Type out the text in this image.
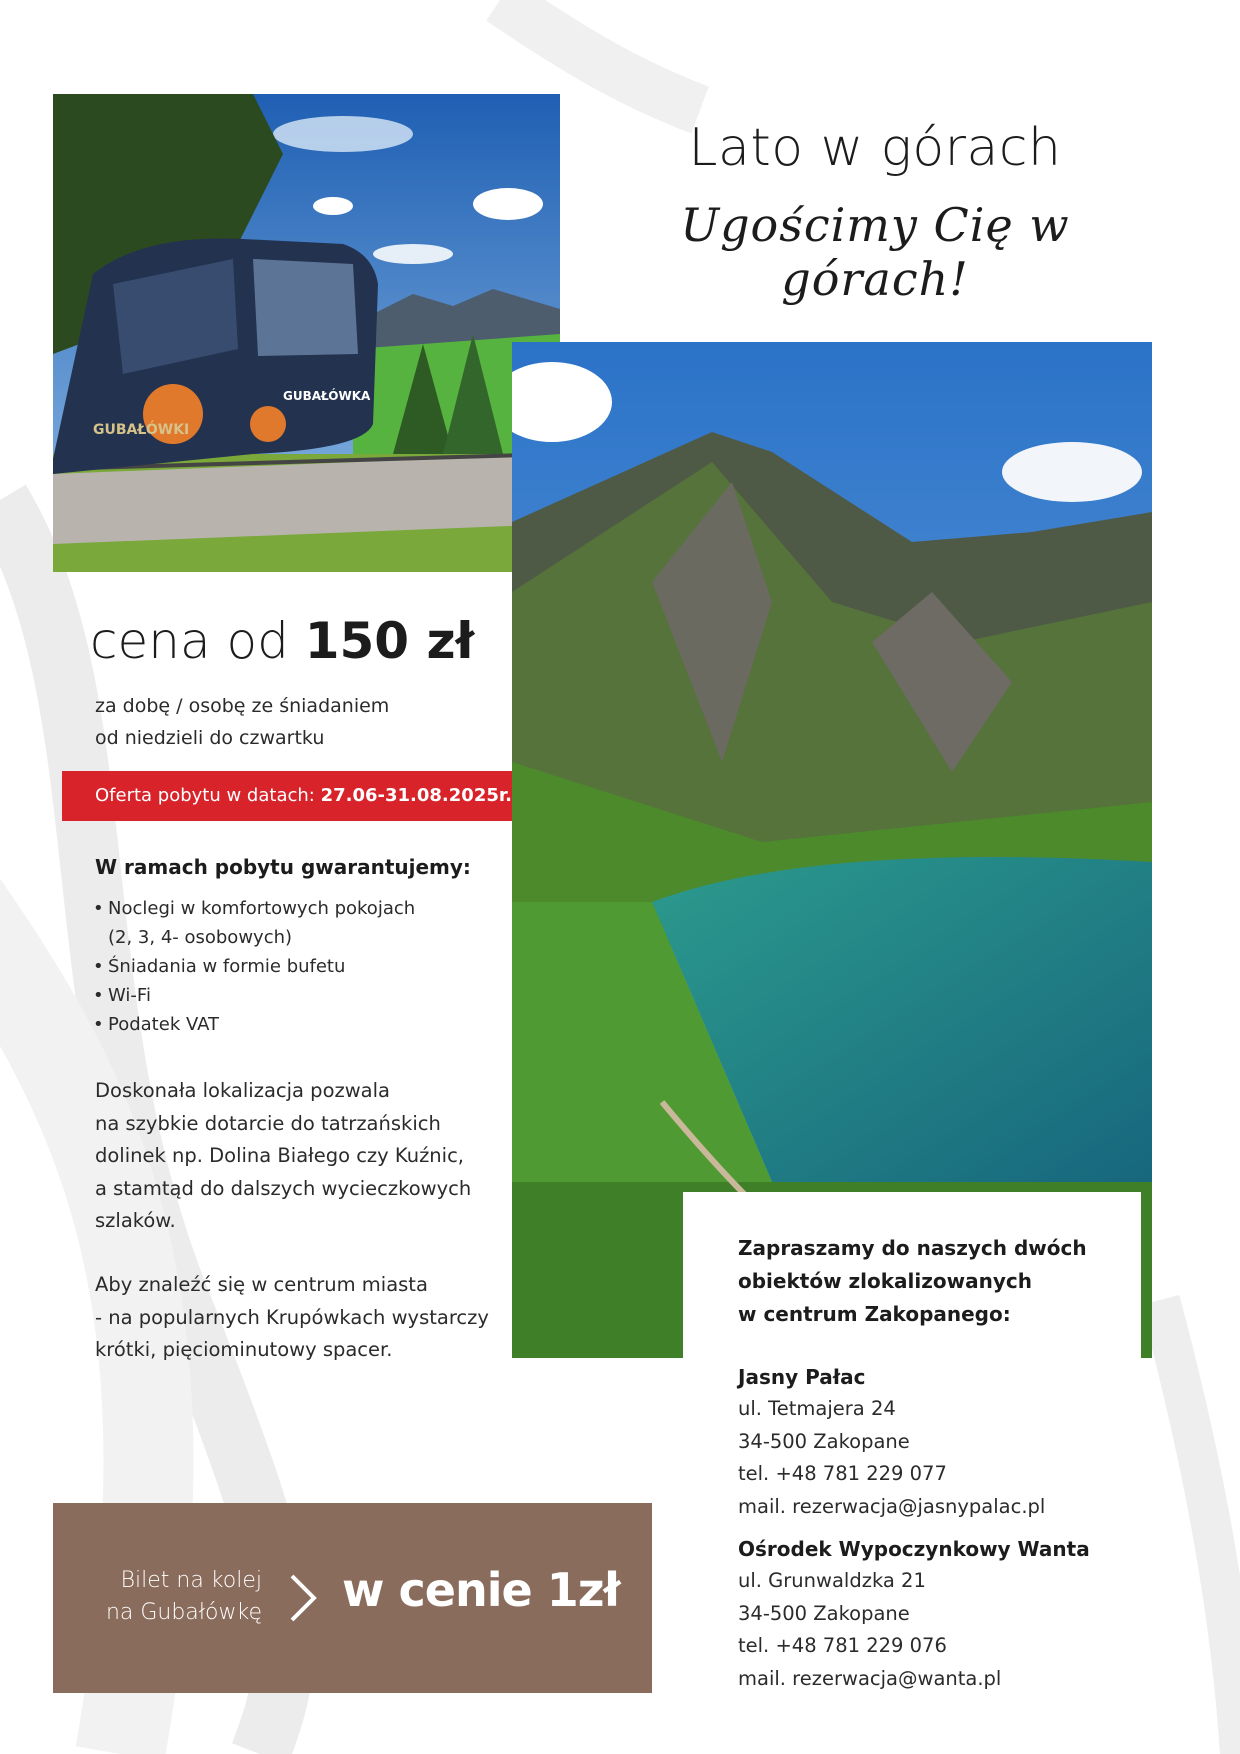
Lato w górach
Ugościmy Cię w górach!
GUBAŁÓWKA
GUBAŁÓWKI
cena od 150 zł
za dobę / osobę ze śniadaniem
od niedzieli do czwartku
Oferta pobytu w datach: 27.06-31.08.2025r.
W ramach pobytu gwarantujemy:
• Noclegi w komfortowych pokojach
(2, 3, 4- osobowych)
• Śniadania w formie bufetu
• Wi-Fi
• Podatek VAT
Doskonała lokalizacja pozwala
na szybkie dotarcie do tatrzańskich
dolinek np. Dolina Białego czy Kuźnic,
a stamtąd do dalszych wycieczkowych
szlaków.
Aby znaleźć się w centrum miasta
- na popularnych Krupówkach wystarczy
krótki, pięciominutowy spacer.
Bilet na kolej
na Gubałówkę w cenie 1zł
Zapraszamy do naszych dwóch
obiektów zlokalizowanych
w centrum Zakopanego:
Jasny Pałac
ul. Tetmajera 24
34-500 Zakopane
tel. +48 781 229 077
mail. rezerwacja@jasnypalac.pl
Ośrodek Wypoczynkowy Wanta
ul. Grunwaldzka 21
34-500 Zakopane
tel. +48 781 229 076
mail. rezerwacja@wanta.pl
